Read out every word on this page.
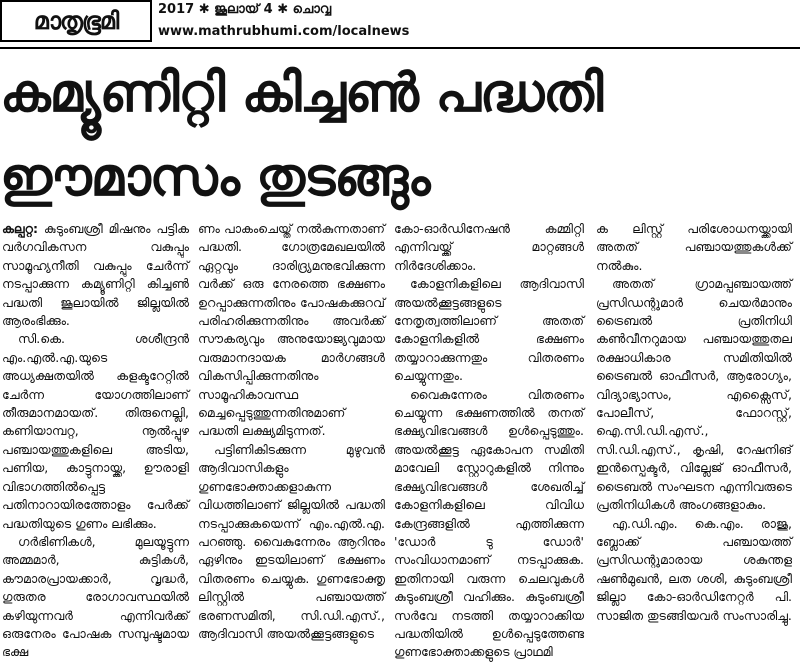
മാതൃഭൂമി	2017 ✱ ജൂലായ് 4 ✱ ചൊവ്വ
www.mathrubhumi.com/localnews
കമ്യൂണിറ്റി കിച്ചൺ പദ്ധതി
ഈമാസം തുടങ്ങും

കല്പറ്റ: കുടുംബശ്രീ മിഷനും പട്ടിക വർഗവികസന വകുപ്പും സാമൂഹ്യനീതി വകുപ്പും ചേർന്ന് നടപ്പാക്കുന്ന കമ്യൂണിറ്റി കിച്ചൺ പദ്ധതി ജൂലായിൽ ജില്ലയിൽ ആരംഭിക്കും.

സി.കെ. ശശീന്ദ്രൻ എം.എൽ.എ.യുടെ അധ്യക്ഷതയിൽ കളക്ടറേറ്റിൽ ചേർന്ന യോഗത്തിലാണ് തീരുമാനമായത്. തിരുനെല്ലി, കണിയാമ്പറ്റ, നൂൽപ്പുഴ പഞ്ചായത്തുകളിലെ അടിയ, പണിയ, കാട്ടുനായ്ക്ക, ഊരാളി വിഭാഗത്തിൽപ്പെട്ട പതിനാറായിരത്തോളം പേർക്ക് പദ്ധതിയുടെ ഗുണം ലഭിക്കും.

ഗർഭിണികൾ, മുലയൂട്ടുന്ന അമ്മമാർ, കുട്ടികൾ, കൗമാരപ്രായക്കാർ, വൃദ്ധർ, ഗുരുതര രോഗാവസ്ഥയിൽ കഴിയുന്നവർ എന്നിവർക്ക് ഒരുനേരം പോഷക സമ്പുഷ്ടമായ ഭക്ഷ

ണം പാകംചെയ്ത് നൽകുന്നതാണ് പദ്ധതി. ഗോത്രമേഖലയിൽ ഏറ്റവും ദാരിദ്ര്യമനുഭവിക്കുന്ന വർക്ക് ഒരു നേരത്തെ ഭക്ഷണം ഉറപ്പാക്കുന്നതിനും പോഷകക്കുറവ് പരിഹരിക്കുന്നതിനും അവർക്ക് സൗകര്യവും അനുയോജ്യവുമായ വരുമാനദായക മാർഗങ്ങൾ വികസിപ്പിക്കുന്നതിനും സാമൂഹികാവസ്ഥ മെച്ചപ്പെടുത്തുന്നതിനുമാണ് പദ്ധതി ലക്ഷ്യമിടുന്നത്.

പട്ടിണികിടക്കുന്ന മുഴുവൻ ആദിവാസികളും ഗുണഭോക്താക്കളാകുന്ന വിധത്തിലാണ് ജില്ലയിൽ പദ്ധതി നടപ്പാക്കുകയെന്ന് എം.എൽ.എ. പറഞ്ഞു. വൈകുന്നേരം ആറിനും ഏഴിനും ഇടയിലാണ് ഭക്ഷണം വിതരണം ചെയ്യുക. ഗുണഭോക്തൃ ലിസ്റ്റിൽ പഞ്ചായത്ത് ഭരണസമിതി, സി.ഡി.എസ്., ആദിവാസി അയൽക്കൂട്ടങ്ങളുടെ

കോ-ഓർഡിനേഷൻ കമ്മിറ്റി എന്നിവയ്ക്ക് മാറ്റങ്ങൾ നിർദേശിക്കാം.

കോളനികളിലെ ആദിവാസി അയൽക്കൂട്ടങ്ങളുടെ നേതൃത്വത്തിലാണ് അതത് കോളനികളിൽ ഭക്ഷണം തയ്യാറാക്കുന്നതും വിതരണം ചെയ്യുന്നതും.

വൈകുന്നേരം വിതരണം ചെയ്യുന്ന ഭക്ഷണത്തിൽ തനത് ഭക്ഷ്യവിഭവങ്ങൾ ഉൾപ്പെടുത്തും. അയൽക്കൂട്ട ഏകോപന സമിതി മാവേലി സ്റ്റോറുകളിൽ നിന്നും ഭക്ഷ്യവിഭവങ്ങൾ ശേഖരിച്ച് കോളനികളിലെ വിവിധ കേന്ദ്രങ്ങളിൽ എത്തിക്കുന്ന 'ഡോർ ടു ഡോർ' സംവിധാനമാണ് നടപ്പാക്കുക. ഇതിനായി വരുന്ന ചെലവുകൾ കുടുംബശ്രീ വഹിക്കും. കുടുംബശ്രീ സർവേ നടത്തി തയ്യാറാക്കിയ പദ്ധതിയിൽ ഉൾപ്പെടുത്തേണ്ട ഗുണഭോക്താക്കളുടെ പ്രാഥമി

ക ലിസ്റ്റ് പരിശോധനയ്ക്കായി അതത് പഞ്ചായത്തുകൾക്ക് നൽകും.

അതത് ഗ്രാമപ്പഞ്ചായത്ത് പ്രസിഡന്റുമാർ ചെയർമാനും ട്രൈബൽ പ്രതിനിധി കൺവീനറുമായ പഞ്ചായത്തുതല രക്ഷാധികാര സമിതിയിൽ ട്രൈബൽ ഓഫീസർ, ആരോഗ്യം, വിദ്യാഭ്യാസം, എക്സൈസ്, പോലീസ്, ഫോറസ്റ്റ്, ഐ.സി.ഡി.എസ്., സി.ഡി.എസ്., കൃഷി, റേഷനിങ് ഇൻസ്പെക്ടർ, വില്ലേജ് ഓഫീസർ, ട്രൈബൽ സംഘടന എന്നിവരുടെ പ്രതിനിധികൾ അംഗങ്ങളാകും.

എ.ഡി.എം. കെ.എം. രാജു, ബ്ലോക്ക് പഞ്ചായത്ത് പ്രസിഡന്റുമാരായ ശകുന്തള ഷൺമുഖൻ, ലത ശശി, കുടുംബശ്രീ ജില്ലാ കോ-ഓർഡിനേറ്റർ പി. സാജിത തുടങ്ങിയവർ സംസാരിച്ചു.
